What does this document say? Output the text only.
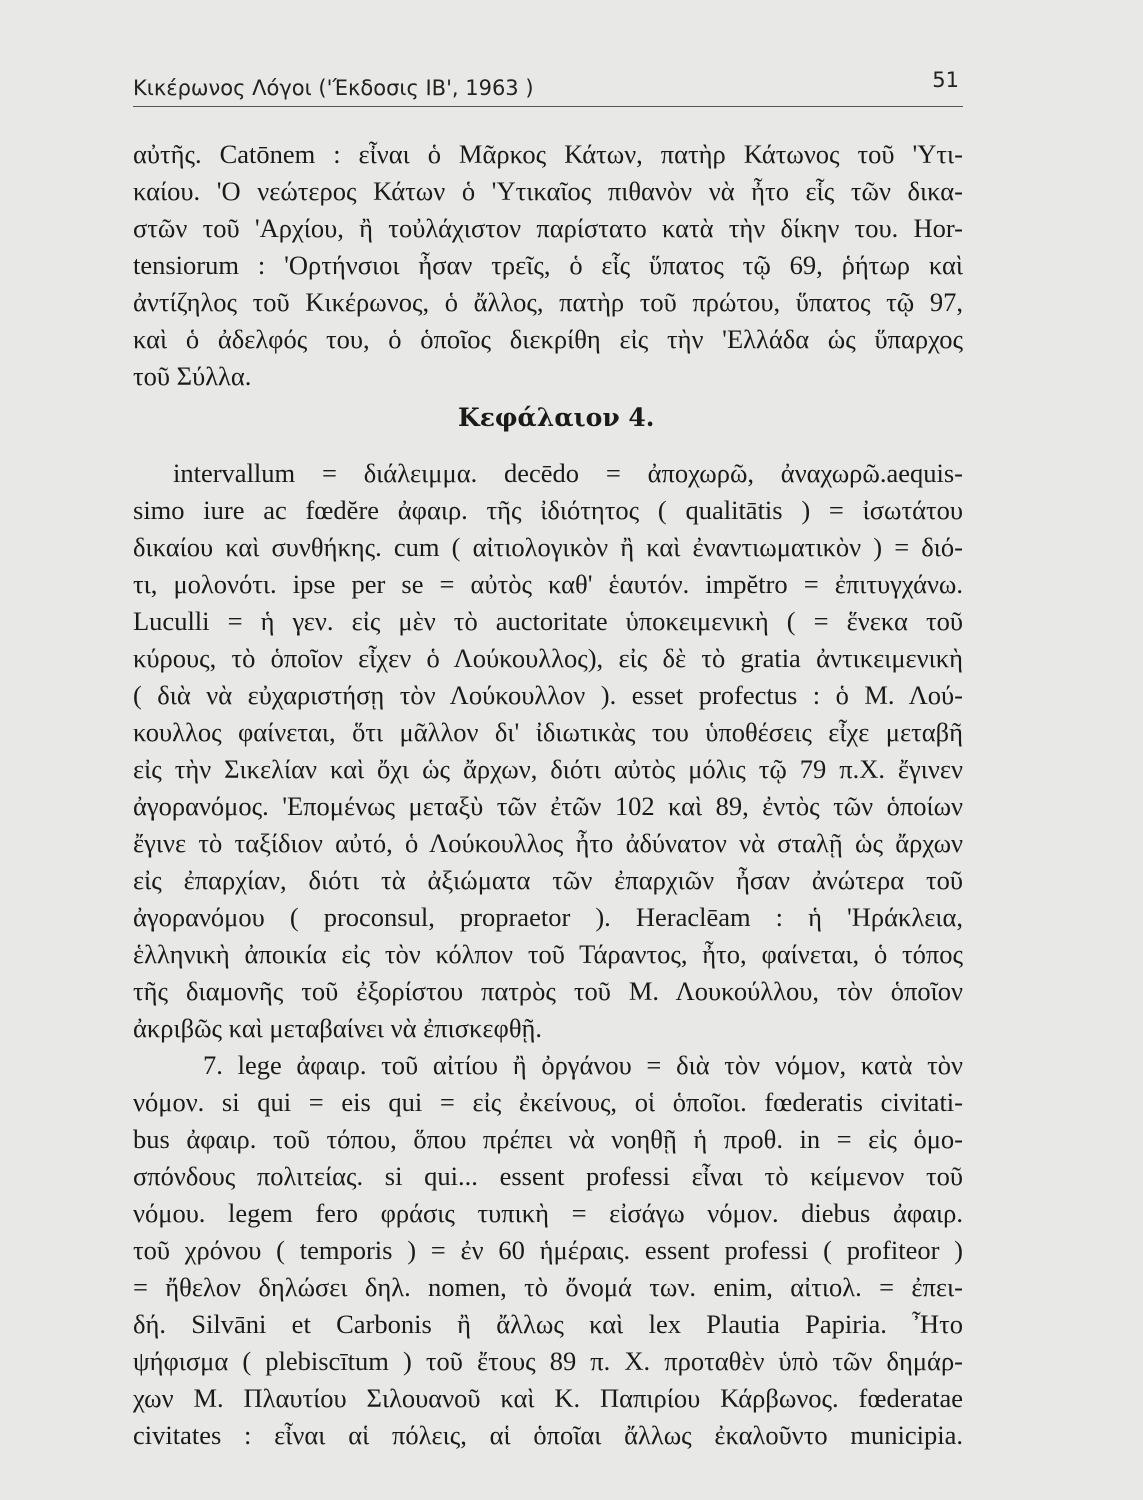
Κικέρωνος Λόγοι ('Έκδοσις ΙΒ', 1963 )	51
αὐτῆς. Catōnem : εἶναι ὁ Μᾶρκος Κάτων, πατὴρ Κάτωνος τοῦ 'Υτι-
καίου. 'Ο νεώτερος Κάτων ὁ 'Υτικαῖος πιθανὸν νὰ ἦτο εἷς τῶν δικα-
στῶν τοῦ 'Αρχίου, ἢ τοὐλάχιστον παρίστατο κατὰ τὴν δίκην του. Hor-
tensiorum : 'Ορτήνσιοι ἦσαν τρεῖς, ὁ εἷς ὕπατος τῷ 69, ῥήτωρ καὶ
ἀντίζηλος τοῦ Κικέρωνος, ὁ ἄλλος, πατὴρ τοῦ πρώτου, ὕπατος τῷ 97,
καὶ ὁ ἀδελφός του, ὁ ὁποῖος διεκρίθη εἰς τὴν 'Ελλάδα ὡς ὕπαρχος
τοῦ Σύλλα.
Κεφάλαιον 4.
intervallum = διάλειμμα. decēdo = ἀποχωρῶ, ἀναχωρῶ.aequis-
simo iure ac fœdĕre ἀφαιρ. τῆς ἰδιότητος ( qualitātis ) = ἰσωτάτου
δικαίου καὶ συνθήκης. cum ( αἰτιολογικὸν ἢ καὶ ἐναντιωματικὸν ) = διό-
τι, μολονότι. ipse per se = αὐτὸς καθ' ἑαυτόν. impĕtro = ἐπιτυγχάνω.
Luculli = ἡ γεν. εἰς μὲν τὸ auctoritate ὑποκειμενικὴ ( = ἕνεκα τοῦ
κύρους, τὸ ὁποῖον εἶχεν ὁ Λούκουλλος), εἰς δὲ τὸ gratia ἀντικειμενικὴ
( διὰ νὰ εὐχαριστήσῃ τὸν Λούκουλλον ). esset profectus : ὁ Μ. Λού-
κουλλος φαίνεται, ὅτι μᾶλλον δι' ἰδιωτικὰς του ὑποθέσεις εἶχε μεταβῆ
εἰς τὴν Σικελίαν καὶ ὄχι ὡς ἄρχων, διότι αὐτὸς μόλις τῷ 79 π.Χ. ἔγινεν
ἀγορανόμος. 'Επομένως μεταξὺ τῶν ἐτῶν 102 καὶ 89, ἐντὸς τῶν ὁποίων
ἔγινε τὸ ταξίδιον αὐτό, ὁ Λούκουλλος ἦτο ἀδύνατον νὰ σταλῇ ὡς ἄρχων
εἰς ἐπαρχίαν, διότι τὰ ἀξιώματα τῶν ἐπαρχιῶν ἦσαν ἀνώτερα τοῦ
ἀγορανόμου ( proconsul, propraetor ). Heraclēam : ἡ 'Ηράκλεια,
ἑλληνικὴ ἀποικία εἰς τὸν κόλπον τοῦ Τάραντος, ἦτο, φαίνεται, ὁ τόπος
τῆς διαμονῆς τοῦ ἐξορίστου πατρὸς τοῦ Μ. Λουκούλλου, τὸν ὁποῖον
ἀκριβῶς καὶ μεταβαίνει νὰ ἐπισκεφθῇ.
7. lege ἀφαιρ. τοῦ αἰτίου ἢ ὀργάνου = διὰ τὸν νόμον, κατὰ τὸν
νόμον. si qui = eis qui = εἰς ἐκείνους, οἱ ὁποῖοι. fœderatis civitati-
bus ἀφαιρ. τοῦ τόπου, ὅπου πρέπει νὰ νοηθῇ ἡ προθ. in = εἰς ὁμο-
σπόνδους πολιτείας. si qui... essent professi εἶναι τὸ κείμενον τοῦ
νόμου. legem fero φράσις τυπικὴ = εἰσάγω νόμον. diebus ἀφαιρ.
τοῦ χρόνου ( temporis ) = ἐν 60 ἡμέραις. essent professi ( profiteor )
= ἤθελον δηλώσει δηλ. nomen, τὸ ὄνομά των. enim, αἰτιολ. = ἐπει-
δή. Silvāni et Carbonis ἢ ἄλλως καὶ lex Plautia Papiria. Ἦτο
ψήφισμα ( plebiscītum ) τοῦ ἔτους 89 π. Χ. προταθὲν ὑπὸ τῶν δημάρ-
χων Μ. Πλαυτίου Σιλουανοῦ καὶ Κ. Παπιρίου Κάρβωνος. fœderatae
civitates : εἶναι αἱ πόλεις, αἱ ὁποῖαι ἄλλως ἐκαλοῦντο municipia.
